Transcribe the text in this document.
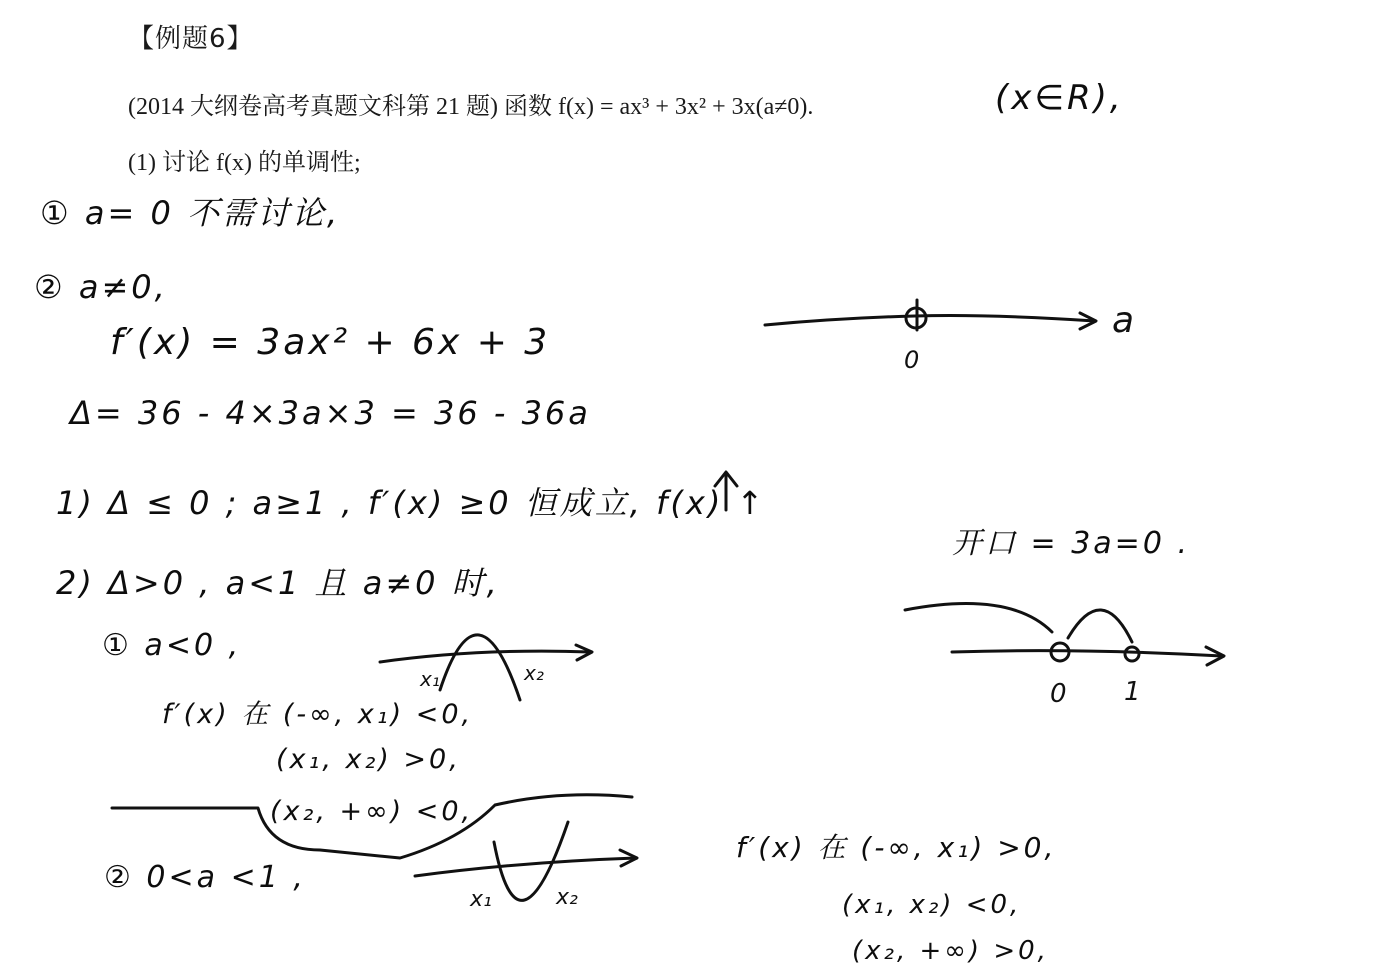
【例题6】
(2014 大纲卷高考真题文科第 21 题) 函数 f(x) = ax³ + 3x² + 3x(a≠0).
(1) 讨论 f(x) 的单调性;
(x∈R),
① a= 0 不需讨论,
② a≠0,
f′(x) = 3ax² + 6x + 3
Δ= 36 - 4×3a×3 = 36 - 36a
1) Δ ≤ 0 ; a≥1 , f′(x) ≥0 恒成立, f(x) ↑
2) Δ>0 , a<1 且 a≠0 时,
① a<0 ,
f′(x) 在 (-∞, x₁) <0,
(x₁, x₂) >0,
(x₂, +∞) <0,
② 0<a <1 ,
开口 = 3a=0 .
f′(x) 在 (-∞, x₁) >0,
(x₁, x₂) <0,
(x₂, +∞) >0,
a
0
x₁	x₂
0 1
x₁	x₂
